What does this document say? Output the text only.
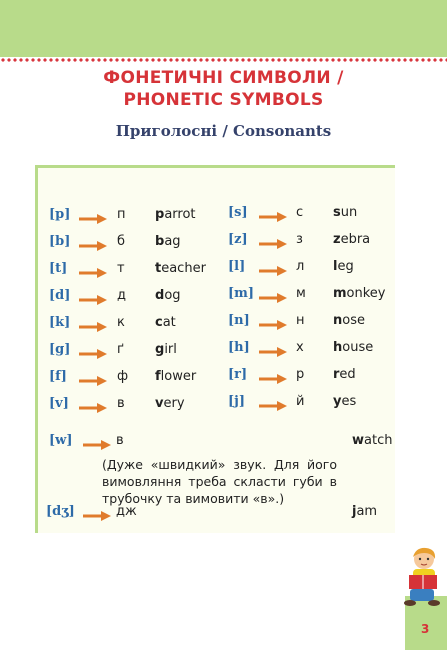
ФОНЕТИЧНІ СИМВОЛИ /
PHONETIC SYMBOLS
Приголосні / Consonants
[p]	п parrot
[b]	б bag
[t]	т teacher
[d]	д dog
[k]	к cat
[g]	ґ girl
[f]	ф flower
[v]	в very
[s]	с sun
[z]	з zebra
[l]	л leg
[m]	м monkey
[n]	н nose
[h]	х house
[r]	р red
[j]	й yes
[w]	в	watch
[dʒ]	дж	jam
(Дуже «швидкий» звук. Для його вимовляння треба скласти губи в трубочку та вимовити «в».)
3
